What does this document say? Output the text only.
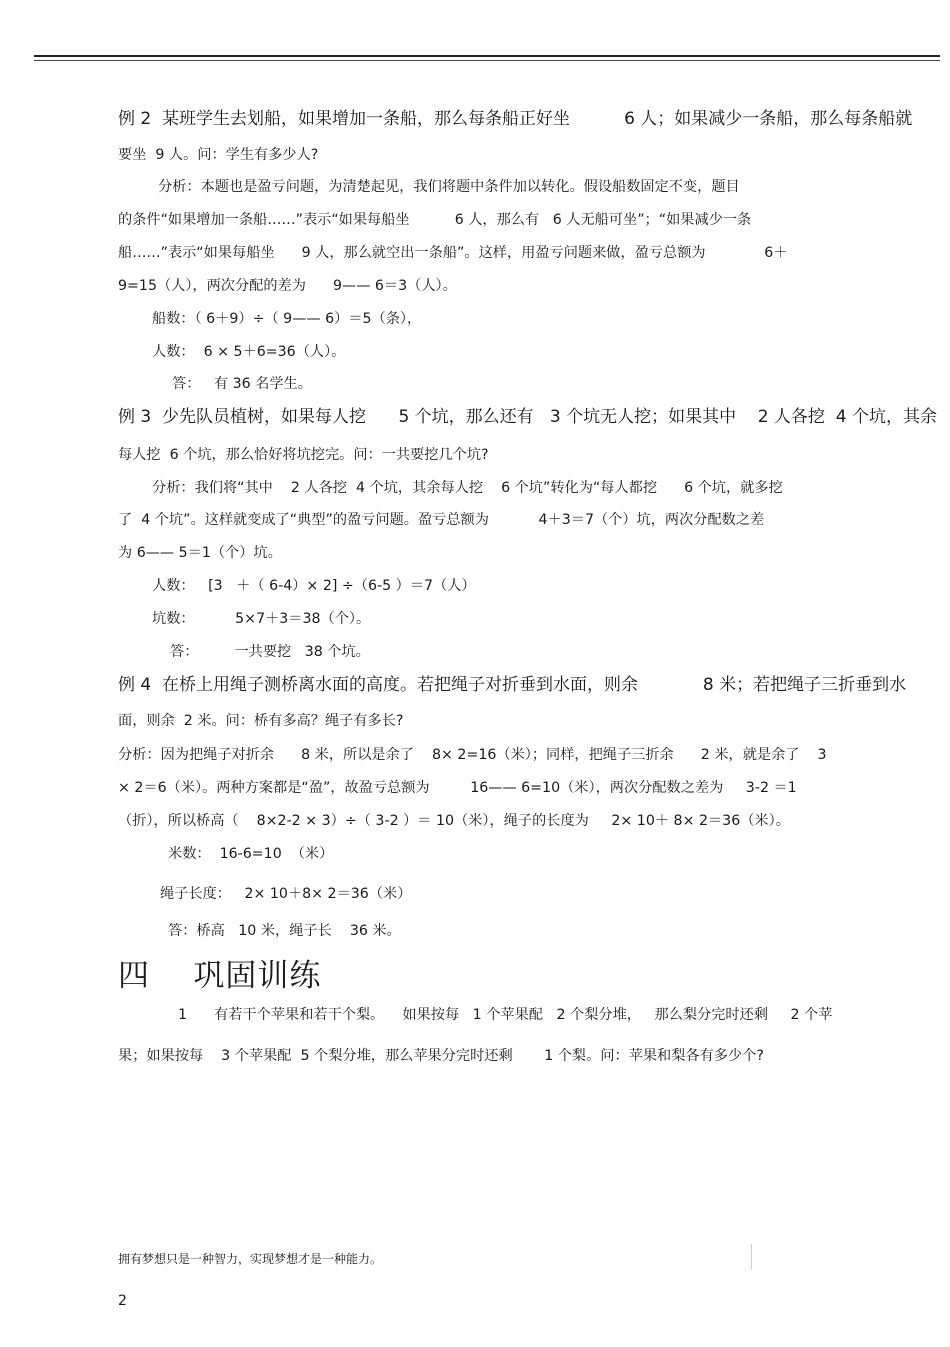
例 2  某班学生去划船，如果增加一条船，那么每条船正好坐          6 人；如果减少一条船，那么每条船就
要坐  9 人。问：学生有多少人?
分析：本题也是盈亏问题，为清楚起见，我们将题中条件加以转化。假设船数固定不变，题目
的条件“如果增加一条船……”表示“如果每船坐          6 人，那么有   6 人无船可坐”；“如果减少一条
船……”表示“如果每船坐      9 人，那么就空出一条船”。这样，用盈亏问题来做，盈亏总额为             6＋
9=15（人），两次分配的差为      9—— 6＝3（人）。
船数：（ 6＋9）÷（ 9—— 6）＝5（条），
人数：  6 × 5＋6=36（人）。
答：   有 36 名学生。
例 3  少先队员植树，如果每人挖      5 个坑，那么还有   3 个坑无人挖；如果其中    2 人各挖  4 个坑，其余
每人挖  6 个坑，那么恰好将坑挖完。问：一共要挖几个坑?
分析：我们将“其中    2 人各挖  4 个坑，其余每人挖    6 个坑”转化为“每人都挖      6 个坑，就多挖
了  4 个坑”。这样就变成了“典型”的盈亏问题。盈亏总额为           4＋3＝7（个）坑，两次分配数之差
为 6—— 5＝1（个）坑。
人数：   [3   ＋（ 6-4）× 2] ÷（6-5 ）＝7（人）
坑数：         5×7＋3＝38（个）。
答：        一共要挖   38 个坑。
例 4  在桥上用绳子测桥离水面的高度。若把绳子对折垂到水面，则余            8 米；若把绳子三折垂到水
面，则余  2 米。问：桥有多高？绳子有多长?
分析：因为把绳子对折余      8 米，所以是余了    8× 2=16（米）；同样，把绳子三折余      2 米，就是余了    3
× 2＝6（米）。两种方案都是“盈”，故盈亏总额为         16—— 6=10（米），两次分配数之差为     3-2 ＝1
（折），所以桥高（    8×2-2 × 3）÷（ 3-2 ）＝ 10（米），绳子的长度为     2× 10＋ 8× 2＝36（米）。
米数：  16-6=10  （米）
绳子长度：   2× 10＋8× 2＝36（米）
答：桥高   10 米，绳子长    36 米。
四    巩固训练
1      有若干个苹果和若干个梨。    如果按每   1 个苹果配   2 个梨分堆，   那么梨分完时还剩     2 个苹
果；如果按每    3 个苹果配  5 个梨分堆，那么苹果分完时还剩       1 个梨。问：苹果和梨各有多少个?
拥有梦想只是一种智力，实现梦想才是一种能力。
2
